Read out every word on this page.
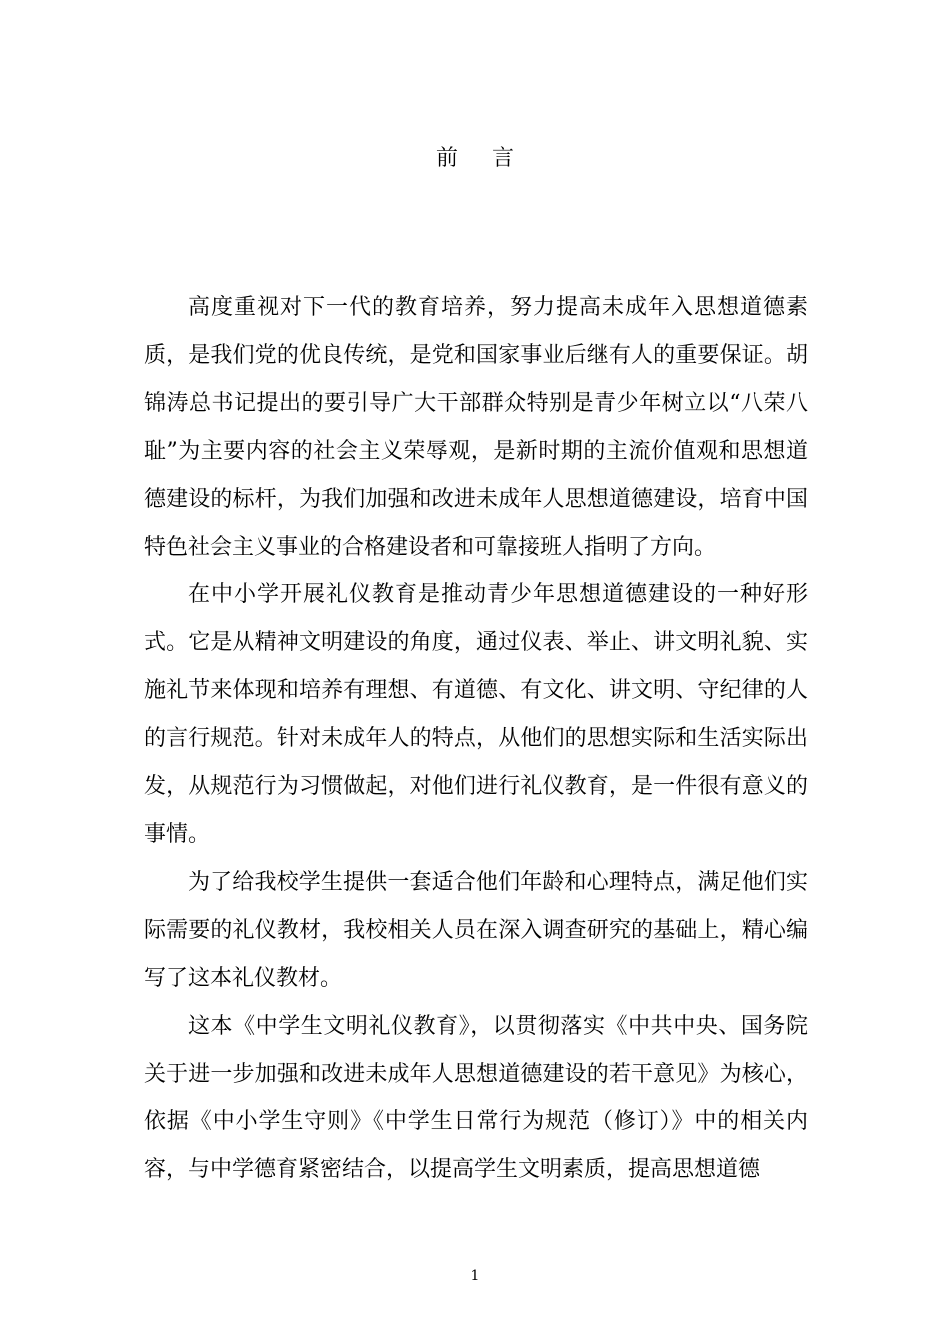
前言

高度重视对下一代的教育培养，努力提高未成年入思想道德素质，是我们党的优良传统，是党和国家事业后继有人的重要保证。胡锦涛总书记提出的要引导广大干部群众特别是青少年树立以“八荣八耻”为主要内容的社会主义荣辱观，是新时期的主流价值观和思想道德建设的标杆，为我们加强和改进未成年人思想道德建设，培育中国特色社会主义事业的合格建设者和可靠接班人指明了方向。

在中小学开展礼仪教育是推动青少年思想道德建设的一种好形式。它是从精神文明建设的角度，通过仪表、举止、讲文明礼貌、实施礼节来体现和培养有理想、有道德、有文化、讲文明、守纪律的人的言行规范。针对未成年人的特点，从他们的思想实际和生活实际出发，从规范行为习惯做起，对他们进行礼仪教育，是一件很有意义的事情。

为了给我校学生提供一套适合他们年龄和心理特点，满足他们实际需要的礼仪教材，我校相关人员在深入调查研究的基础上，精心编写了这本礼仪教材。

这本《中学生文明礼仪教育》，以贯彻落实《中共中央、国务院关于进一步加强和改进未成年人思想道德建设的若干意见》为核心，依据《中小学生守则》《中学生日常行为规范（修订）》中的相关内容，与中学德育紧密结合，以提高学生文明素质，提高思想道德

1
